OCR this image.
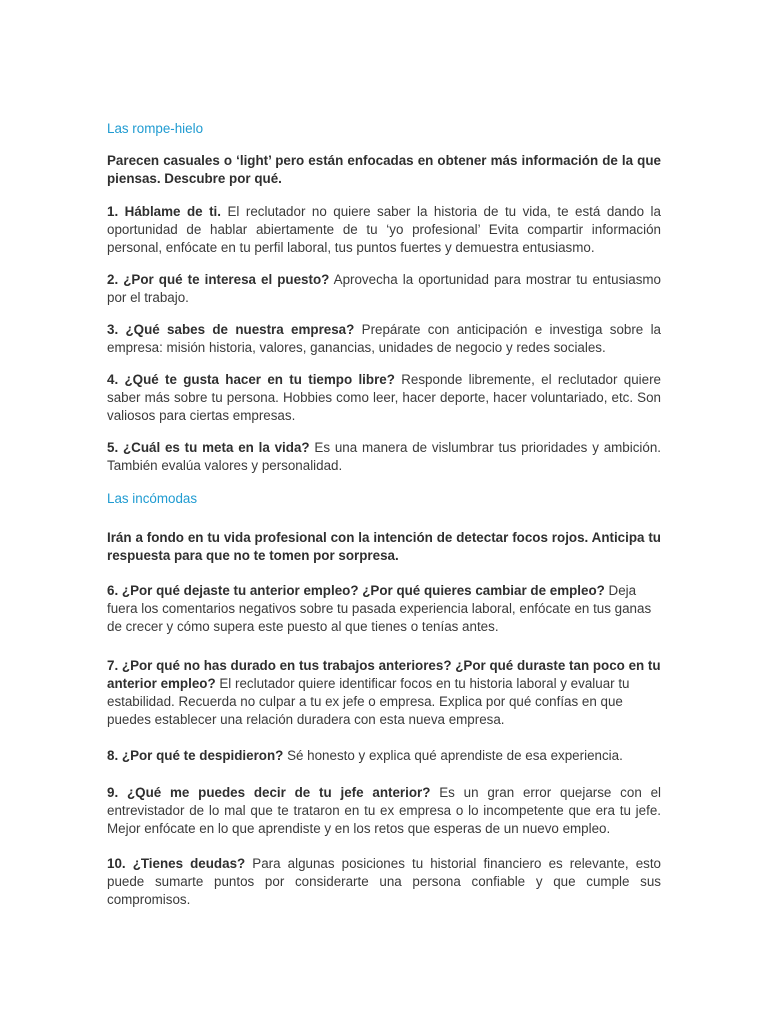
Las rompe-hielo

Parecen casuales o ‘light’ pero están enfocadas en obtener más información de la que piensas. Descubre por qué.

1. Háblame de ti. El reclutador no quiere saber la historia de tu vida, te está dando la oportunidad de hablar abiertamente de tu ‘yo profesional’ Evita compartir información personal, enfócate en tu perfil laboral, tus puntos fuertes y demuestra entusiasmo.

2. ¿Por qué te interesa el puesto? Aprovecha la oportunidad para mostrar tu entusiasmo por el trabajo.

3. ¿Qué sabes de nuestra empresa? Prepárate con anticipación e investiga sobre la empresa: misión historia, valores, ganancias, unidades de negocio y redes sociales.

4. ¿Qué te gusta hacer en tu tiempo libre? Responde libremente, el reclutador quiere saber más sobre tu persona. Hobbies como leer, hacer deporte, hacer voluntariado, etc. Son valiosos para ciertas empresas.

5. ¿Cuál es tu meta en la vida? Es una manera de vislumbrar tus prioridades y ambición. También evalúa valores y personalidad.

Las incómodas

Irán a fondo en tu vida profesional con la intención de detectar focos rojos. Anticipa tu respuesta para que no te tomen por sorpresa.

6. ¿Por qué dejaste tu anterior empleo? ¿Por qué quieres cambiar de empleo? Deja fuera los comentarios negativos sobre tu pasada experiencia laboral, enfócate en tus ganas de crecer y cómo supera este puesto al que tienes o tenías antes.

7. ¿Por qué no has durado en tus trabajos anteriores? ¿Por qué duraste tan poco en tu anterior empleo? El reclutador quiere identificar focos en tu historia laboral y evaluar tu estabilidad. Recuerda no culpar a tu ex jefe o empresa. Explica por qué confías en que puedes establecer una relación duradera con esta nueva empresa.

8. ¿Por qué te despidieron? Sé honesto y explica qué aprendiste de esa experiencia.

9. ¿Qué me puedes decir de tu jefe anterior? Es un gran error quejarse con el entrevistador de lo mal que te trataron en tu ex empresa o lo incompetente que era tu jefe. Mejor enfócate en lo que aprendiste y en los retos que esperas de un nuevo empleo.

10. ¿Tienes deudas? Para algunas posiciones tu historial financiero es relevante, esto puede sumarte puntos por considerarte una persona confiable y que cumple sus compromisos.
